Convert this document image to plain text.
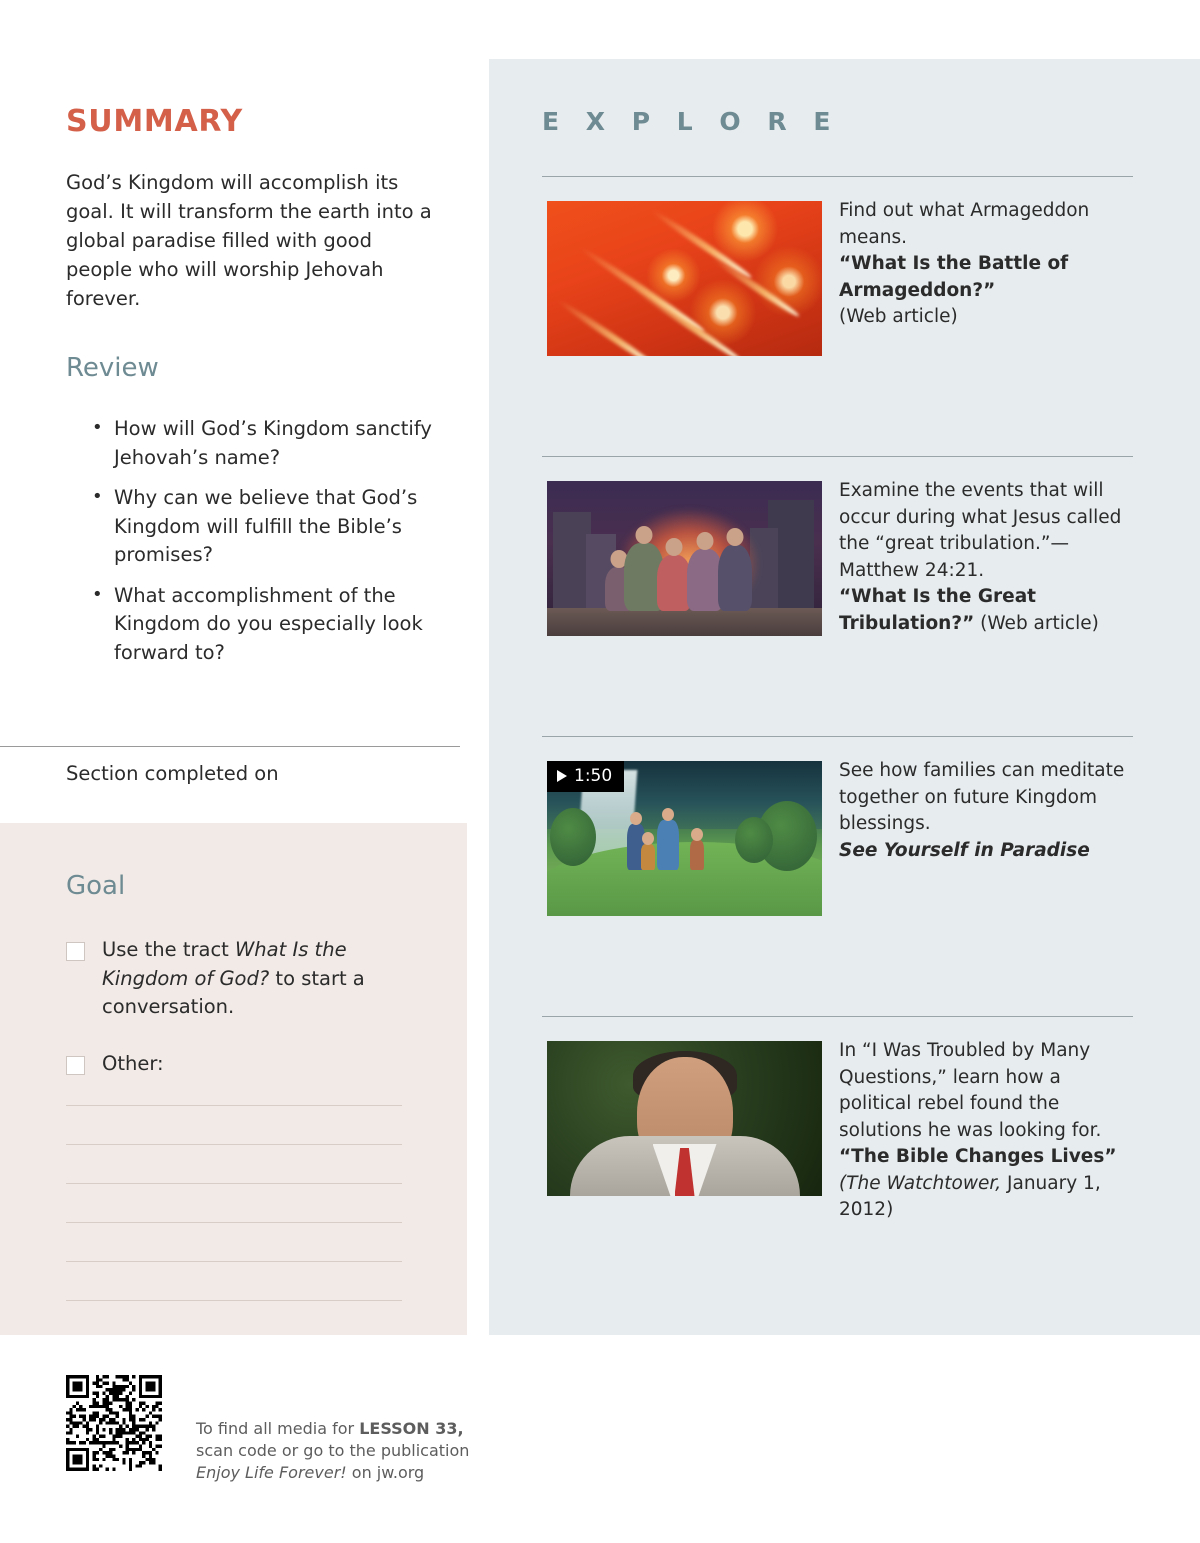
SUMMARY
God’s Kingdom will accomplish its goal. It will transform the earth into a global paradise filled with good people who will worship Jehovah forever.
Review
• How will God’s Kingdom sanctify Jehovah’s name?
• Why can we believe that God’s Kingdom will fulfill the Bible’s promises?
• What accomplishment of the Kingdom do you especially look forward to?
Section completed on
Goal
Use the tract What Is the Kingdom of God? to start a conversation.
Other:
To find all media for LESSON 33,
scan code or go to the publication
Enjoy Life Forever! on jw.org
E X P L O R E
Find out what Armageddon means.
“What Is the Battle of Armageddon?”
(Web article)
Examine the events that will occur during what Jesus called the “great tribulation.”—Matthew 24:21.
“What Is the Great Tribulation?” (Web article)
1:50	See how families can meditate together on future Kingdom blessings.
See Yourself in Paradise
In “I Was Troubled by Many Questions,” learn how a political rebel found the solutions he was looking for.
“The Bible Changes Lives”
(The Watchtower, January 1, 2012)
